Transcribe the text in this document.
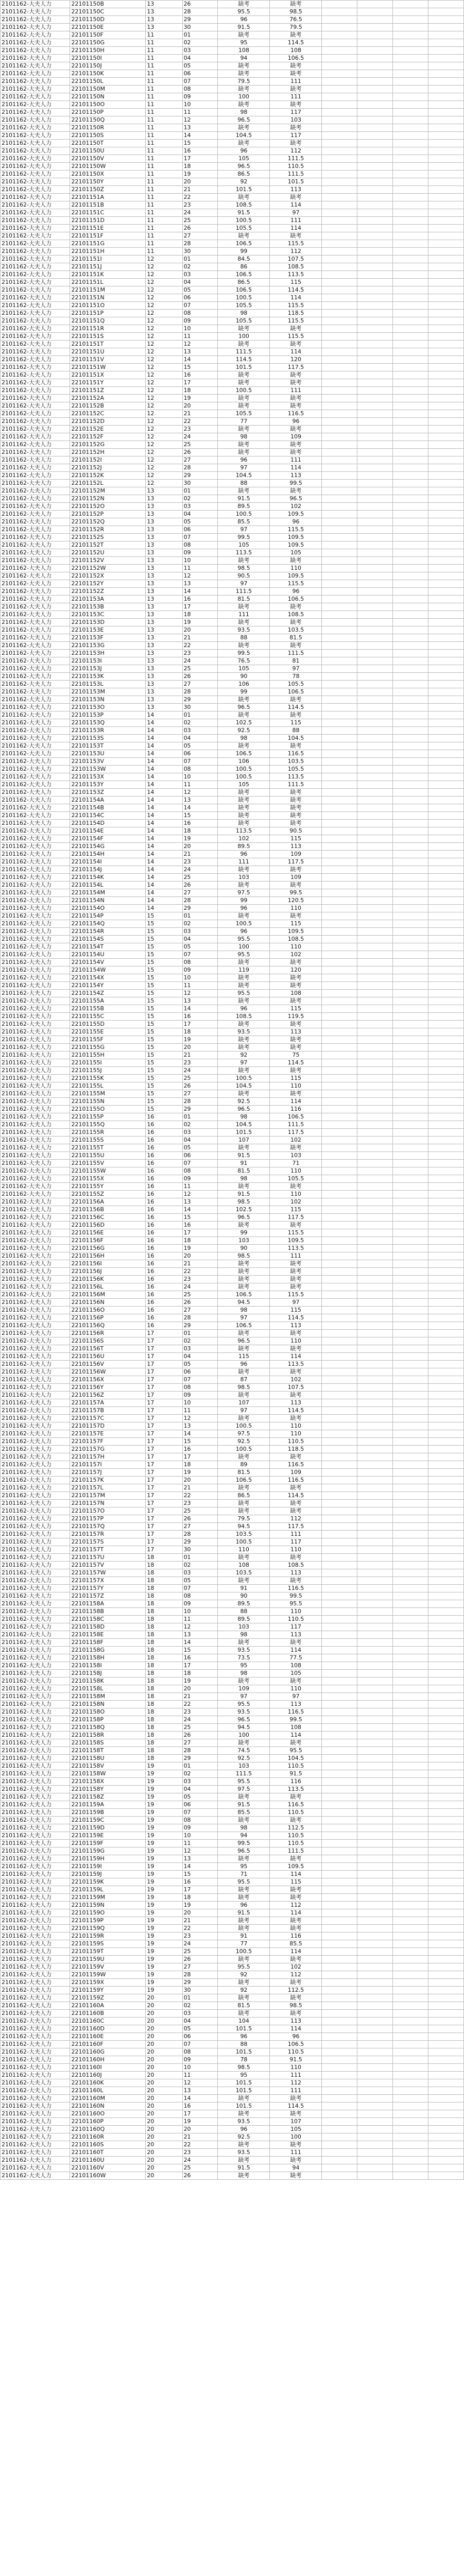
2101162-大夫人力	22101150B	13	26	缺考	缺考				
2101162-大夫人力	22101150C	13	28	95.5	98.5				
2101162-大夫人力	22101150D	13	29	96	76.5				
2101162-大夫人力	22101150E	13	30	91.5	79.5				
2101162-大夫人力	22101150F	11	01	缺考	缺考				
2101162-大夫人力	22101150G	11	02	95	114.5				
2101162-大夫人力	22101150H	11	03	108	108				
2101162-大夫人力	22101150I	11	04	94	106.5				
2101162-大夫人力	22101150J	11	05	缺考	缺考				
2101162-大夫人力	22101150K	11	06	缺考	缺考				
2101162-大夫人力	22101150L	11	07	79.5	111				
2101162-大夫人力	22101150M	11	08	缺考	缺考				
2101162-大夫人力	22101150N	11	09	100	111				
2101162-大夫人力	22101150O	11	10	缺考	缺考				
2101162-大夫人力	22101150P	11	11	98	117				
2101162-大夫人力	22101150Q	11	12	96.5	103				
2101162-大夫人力	22101150R	11	13	缺考	缺考				
2101162-大夫人力	22101150S	11	14	104.5	117				
2101162-大夫人力	22101150T	11	15	缺考	缺考				
2101162-大夫人力	22101150U	11	16	96	112				
2101162-大夫人力	22101150V	11	17	105	111.5				
2101162-大夫人力	22101150W	11	18	96.5	110.5				
2101162-大夫人力	22101150X	11	19	86.5	111.5				
2101162-大夫人力	22101150Y	11	20	92	101.5				
2101162-大夫人力	22101150Z	11	21	101.5	113				
2101162-大夫人力	22101151A	11	22	缺考	缺考				
2101162-大夫人力	22101151B	11	23	108.5	114				
2101162-大夫人力	22101151C	11	24	91.5	97				
2101162-大夫人力	22101151D	11	25	100.5	111				
2101162-大夫人力	22101151E	11	26	105.5	114				
2101162-大夫人力	22101151F	11	27	缺考	缺考				
2101162-大夫人力	22101151G	11	28	106.5	115.5				
2101162-大夫人力	22101151H	11	30	99	112				
2101162-大夫人力	22101151I	12	01	84.5	107.5				
2101162-大夫人力	22101151J	12	02	86	108.5				
2101162-大夫人力	22101151K	12	03	106.5	113.5				
2101162-大夫人力	22101151L	12	04	86.5	115				
2101162-大夫人力	22101151M	12	05	106.5	114.5				
2101162-大夫人力	22101151N	12	06	100.5	114				
2101162-大夫人力	22101151O	12	07	105.5	115.5				
2101162-大夫人力	22101151P	12	08	98	118.5				
2101162-大夫人力	22101151Q	12	09	105.5	115.5				
2101162-大夫人力	22101151R	12	10	缺考	缺考				
2101162-大夫人力	22101151S	12	11	100	115.5				
2101162-大夫人力	22101151T	12	12	缺考	缺考				
2101162-大夫人力	22101151U	12	13	111.5	114				
2101162-大夫人力	22101151V	12	14	114.5	120				
2101162-大夫人力	22101151W	12	15	101.5	117.5				
2101162-大夫人力	22101151X	12	16	缺考	缺考				
2101162-大夫人力	22101151Y	12	17	缺考	缺考				
2101162-大夫人力	22101151Z	12	18	100.5	111				
2101162-大夫人力	22101152A	12	19	缺考	缺考				
2101162-大夫人力	22101152B	12	20	缺考	缺考				
2101162-大夫人力	22101152C	12	21	105.5	116.5				
2101162-大夫人力	22101152D	12	22	77	96				
2101162-大夫人力	22101152E	12	23	缺考	缺考				
2101162-大夫人力	22101152F	12	24	98	109				
2101162-大夫人力	22101152G	12	25	缺考	缺考				
2101162-大夫人力	22101152H	12	26	缺考	缺考				
2101162-大夫人力	22101152I	12	27	96	111				
2101162-大夫人力	22101152J	12	28	97	114				
2101162-大夫人力	22101152K	12	29	104.5	113				
2101162-大夫人力	22101152L	12	30	88	99.5				
2101162-大夫人力	22101152M	13	01	缺考	缺考				
2101162-大夫人力	22101152N	13	02	91.5	96.5				
2101162-大夫人力	22101152O	13	03	89.5	102				
2101162-大夫人力	22101152P	13	04	100.5	109.5				
2101162-大夫人力	22101152Q	13	05	85.5	96				
2101162-大夫人力	22101152R	13	06	97	115.5				
2101162-大夫人力	22101152S	13	07	99.5	109.5				
2101162-大夫人力	22101152T	13	08	105	109.5				
2101162-大夫人力	22101152U	13	09	113.5	105				
2101162-大夫人力	22101152V	13	10	缺考	缺考				
2101162-大夫人力	22101152W	13	11	98.5	110				
2101162-大夫人力	22101152X	13	12	90.5	109.5				
2101162-大夫人力	22101152Y	13	13	97	115.5				
2101162-大夫人力	22101152Z	13	14	111.5	96				
2101162-大夫人力	22101153A	13	16	81.5	106.5				
2101162-大夫人力	22101153B	13	17	缺考	缺考				
2101162-大夫人力	22101153C	13	18	111	108.5				
2101162-大夫人力	22101153D	13	19	缺考	缺考				
2101162-大夫人力	22101153E	13	20	93.5	103.5				
2101162-大夫人力	22101153F	13	21	88	81.5				
2101162-大夫人力	22101153G	13	22	缺考	缺考				
2101162-大夫人力	22101153H	13	23	99.5	111.5				
2101162-大夫人力	22101153I	13	24	76.5	81				
2101162-大夫人力	22101153J	13	25	105	97				
2101162-大夫人力	22101153K	13	26	90	78				
2101162-大夫人力	22101153L	13	27	106	105.5				
2101162-大夫人力	22101153M	13	28	99	106.5				
2101162-大夫人力	22101153N	13	29	缺考	缺考				
2101162-大夫人力	22101153O	13	30	96.5	114.5				
2101162-大夫人力	22101153P	14	01	缺考	缺考				
2101162-大夫人力	22101153Q	14	02	102.5	115				
2101162-大夫人力	22101153R	14	03	92.5	88				
2101162-大夫人力	22101153S	14	04	98	104.5				
2101162-大夫人力	22101153T	14	05	缺考	缺考				
2101162-大夫人力	22101153U	14	06	106.5	116.5				
2101162-大夫人力	22101153V	14	07	106	103.5				
2101162-大夫人力	22101153W	14	08	100.5	105.5				
2101162-大夫人力	22101153X	14	10	100.5	113.5				
2101162-大夫人力	22101153Y	14	11	105	111.5				
2101162-大夫人力	22101153Z	14	12	缺考	缺考				
2101162-大夫人力	22101154A	14	13	缺考	缺考				
2101162-大夫人力	22101154B	14	14	缺考	缺考				
2101162-大夫人力	22101154C	14	15	缺考	缺考				
2101162-大夫人力	22101154D	14	16	缺考	缺考				
2101162-大夫人力	22101154E	14	18	113.5	90.5				
2101162-大夫人力	22101154F	14	19	102	115				
2101162-大夫人力	22101154G	14	20	89.5	113				
2101162-大夫人力	22101154H	14	21	96	109				
2101162-大夫人力	22101154I	14	23	111	117.5				
2101162-大夫人力	22101154J	14	24	缺考	缺考				
2101162-大夫人力	22101154K	14	25	103	109				
2101162-大夫人力	22101154L	14	26	缺考	缺考				
2101162-大夫人力	22101154M	14	27	97.5	99.5				
2101162-大夫人力	22101154N	14	28	99	120.5				
2101162-大夫人力	22101154O	14	29	96	110				
2101162-大夫人力	22101154P	15	01	缺考	缺考				
2101162-大夫人力	22101154Q	15	02	100.5	115				
2101162-大夫人力	22101154R	15	03	96	109.5				
2101162-大夫人力	22101154S	15	04	95.5	108.5				
2101162-大夫人力	22101154T	15	05	100	110				
2101162-大夫人力	22101154U	15	07	95.5	102				
2101162-大夫人力	22101154V	15	08	缺考	缺考				
2101162-大夫人力	22101154W	15	09	119	120				
2101162-大夫人力	22101154X	15	10	缺考	缺考				
2101162-大夫人力	22101154Y	15	11	缺考	缺考				
2101162-大夫人力	22101154Z	15	12	95.5	108				
2101162-大夫人力	22101155A	15	13	缺考	缺考				
2101162-大夫人力	22101155B	15	14	96	115				
2101162-大夫人力	22101155C	15	16	108.5	119.5				
2101162-大夫人力	22101155D	15	17	缺考	缺考				
2101162-大夫人力	22101155E	15	18	93.5	113				
2101162-大夫人力	22101155F	15	19	缺考	缺考				
2101162-大夫人力	22101155G	15	20	缺考	缺考				
2101162-大夫人力	22101155H	15	21	92	75				
2101162-大夫人力	22101155I	15	23	97	114.5				
2101162-大夫人力	22101155J	15	24	缺考	缺考				
2101162-大夫人力	22101155K	15	25	100.5	115				
2101162-大夫人力	22101155L	15	26	104.5	110				
2101162-大夫人力	22101155M	15	27	缺考	缺考				
2101162-大夫人力	22101155N	15	28	92.5	114				
2101162-大夫人力	22101155O	15	29	96.5	116				
2101162-大夫人力	22101155P	16	01	98	106.5				
2101162-大夫人力	22101155Q	16	02	104.5	111.5				
2101162-大夫人力	22101155R	16	03	101.5	117.5				
2101162-大夫人力	22101155S	16	04	107	102				
2101162-大夫人力	22101155T	16	05	缺考	缺考				
2101162-大夫人力	22101155U	16	06	91.5	103				
2101162-大夫人力	22101155V	16	07	91	71				
2101162-大夫人力	22101155W	16	08	81.5	110				
2101162-大夫人力	22101155X	16	09	98	105.5				
2101162-大夫人力	22101155Y	16	11	缺考	缺考				
2101162-大夫人力	22101155Z	16	12	91.5	110				
2101162-大夫人力	22101156A	16	13	98.5	102				
2101162-大夫人力	22101156B	16	14	102.5	115				
2101162-大夫人力	22101156C	16	15	96.5	117.5				
2101162-大夫人力	22101156D	16	16	缺考	缺考				
2101162-大夫人力	22101156E	16	17	99	115.5				
2101162-大夫人力	22101156F	16	18	103	109.5				
2101162-大夫人力	22101156G	16	19	90	113.5				
2101162-大夫人力	22101156H	16	20	98.5	111				
2101162-大夫人力	22101156I	16	21	缺考	缺考				
2101162-大夫人力	22101156J	16	22	缺考	缺考				
2101162-大夫人力	22101156K	16	23	缺考	缺考				
2101162-大夫人力	22101156L	16	24	缺考	缺考				
2101162-大夫人力	22101156M	16	25	106.5	115.5				
2101162-大夫人力	22101156N	16	26	94.5	97				
2101162-大夫人力	22101156O	16	27	98	115				
2101162-大夫人力	22101156P	16	28	97	114.5				
2101162-大夫人力	22101156Q	16	29	106.5	113				
2101162-大夫人力	22101156R	17	01	缺考	缺考				
2101162-大夫人力	22101156S	17	02	96.5	110				
2101162-大夫人力	22101156T	17	03	缺考	缺考				
2101162-大夫人力	22101156U	17	04	115	114				
2101162-大夫人力	22101156V	17	05	96	113.5				
2101162-大夫人力	22101156W	17	06	缺考	缺考				
2101162-大夫人力	22101156X	17	07	87	102				
2101162-大夫人力	22101156Y	17	08	98.5	107.5				
2101162-大夫人力	22101156Z	17	09	缺考	缺考				
2101162-大夫人力	22101157A	17	10	107	113				
2101162-大夫人力	22101157B	17	11	97	114.5				
2101162-大夫人力	22101157C	17	12	缺考	缺考				
2101162-大夫人力	22101157D	17	13	100.5	110				
2101162-大夫人力	22101157E	17	14	97.5	110				
2101162-大夫人力	22101157F	17	15	92.5	110.5				
2101162-大夫人力	22101157G	17	16	100.5	118.5				
2101162-大夫人力	22101157H	17	17	缺考	缺考				
2101162-大夫人力	22101157I	17	18	89	116.5				
2101162-大夫人力	22101157J	17	19	81.5	109				
2101162-大夫人力	22101157K	17	20	106.5	116.5				
2101162-大夫人力	22101157L	17	21	缺考	缺考				
2101162-大夫人力	22101157M	17	22	86.5	114.5				
2101162-大夫人力	22101157N	17	23	缺考	缺考				
2101162-大夫人力	22101157O	17	25	缺考	缺考				
2101162-大夫人力	22101157P	17	26	79.5	112				
2101162-大夫人力	22101157Q	17	27	94.5	117.5				
2101162-大夫人力	22101157R	17	28	103.5	111				
2101162-大夫人力	22101157S	17	29	100.5	117				
2101162-大夫人力	22101157T	17	30	110	110				
2101162-大夫人力	22101157U	18	01	缺考	缺考				
2101162-大夫人力	22101157V	18	02	108	108.5				
2101162-大夫人力	22101157W	18	03	103.5	113				
2101162-大夫人力	22101157X	18	05	缺考	缺考				
2101162-大夫人力	22101157Y	18	07	91	116.5				
2101162-大夫人力	22101157Z	18	08	90	99.5				
2101162-大夫人力	22101158A	18	09	89.5	95.5				
2101162-大夫人力	22101158B	18	10	88	110				
2101162-大夫人力	22101158C	18	11	89.5	110.5				
2101162-大夫人力	22101158D	18	12	103	117				
2101162-大夫人力	22101158E	18	13	98	113				
2101162-大夫人力	22101158F	18	14	缺考	缺考				
2101162-大夫人力	22101158G	18	15	93.5	114				
2101162-大夫人力	22101158H	18	16	73.5	77.5				
2101162-大夫人力	22101158I	18	17	95	108				
2101162-大夫人力	22101158J	18	18	98	105				
2101162-大夫人力	22101158K	18	19	缺考	缺考				
2101162-大夫人力	22101158L	18	20	109	110				
2101162-大夫人力	22101158M	18	21	97	97				
2101162-大夫人力	22101158N	18	22	95.5	113				
2101162-大夫人力	22101158O	18	23	93.5	116.5				
2101162-大夫人力	22101158P	18	24	96.5	99.5				
2101162-大夫人力	22101158Q	18	25	94.5	108				
2101162-大夫人力	22101158R	18	26	100	114				
2101162-大夫人力	22101158S	18	27	缺考	缺考				
2101162-大夫人力	22101158T	18	28	74.5	95.5				
2101162-大夫人力	22101158U	18	29	92.5	104.5				
2101162-大夫人力	22101158V	19	01	103	110.5				
2101162-大夫人力	22101158W	19	02	111.5	91.5				
2101162-大夫人力	22101158X	19	03	95.5	116				
2101162-大夫人力	22101158Y	19	04	97.5	113.5				
2101162-大夫人力	22101158Z	19	05	缺考	缺考				
2101162-大夫人力	22101159A	19	06	91.5	116.5				
2101162-大夫人力	22101159B	19	07	85.5	110.5				
2101162-大夫人力	22101159C	19	08	缺考	缺考				
2101162-大夫人力	22101159D	19	09	98	112.5				
2101162-大夫人力	22101159E	19	10	94	110.5				
2101162-大夫人力	22101159F	19	11	99.5	110.5				
2101162-大夫人力	22101159G	19	12	96.5	111.5				
2101162-大夫人力	22101159H	19	13	缺考	缺考				
2101162-大夫人力	22101159I	19	14	95	109.5				
2101162-大夫人力	22101159J	19	15	71	114				
2101162-大夫人力	22101159K	19	16	95.5	115				
2101162-大夫人力	22101159L	19	17	缺考	缺考				
2101162-大夫人力	22101159M	19	18	缺考	缺考				
2101162-大夫人力	22101159N	19	19	96	112				
2101162-大夫人力	22101159O	19	20	91.5	114				
2101162-大夫人力	22101159P	19	21	缺考	缺考				
2101162-大夫人力	22101159Q	19	22	缺考	缺考				
2101162-大夫人力	22101159R	19	23	91	116				
2101162-大夫人力	22101159S	19	24	77	85.5				
2101162-大夫人力	22101159T	19	25	100.5	114				
2101162-大夫人力	22101159U	19	26	缺考	缺考				
2101162-大夫人力	22101159V	19	27	95.5	102				
2101162-大夫人力	22101159W	19	28	92	112				
2101162-大夫人力	22101159X	19	29	缺考	缺考				
2101162-大夫人力	22101159Y	19	30	92	112.5				
2101162-大夫人力	22101159Z	20	01	缺考	缺考				
2101162-大夫人力	22101160A	20	02	81.5	98.5				
2101162-大夫人力	22101160B	20	03	缺考	缺考				
2101162-大夫人力	22101160C	20	04	104	113				
2101162-大夫人力	22101160D	20	05	101.5	114				
2101162-大夫人力	22101160E	20	06	96	96				
2101162-大夫人力	22101160F	20	07	88	106.5				
2101162-大夫人力	22101160G	20	08	101.5	110.5				
2101162-大夫人力	22101160H	20	09	78	91.5				
2101162-大夫人力	22101160I	20	10	98.5	110				
2101162-大夫人力	22101160J	20	11	95	111				
2101162-大夫人力	22101160K	20	12	101.5	112				
2101162-大夫人力	22101160L	20	13	101.5	111				
2101162-大夫人力	22101160M	20	14	缺考	缺考				
2101162-大夫人力	22101160N	20	16	101.5	114.5				
2101162-大夫人力	22101160O	20	17	缺考	缺考				
2101162-大夫人力	22101160P	20	19	93.5	107				
2101162-大夫人力	22101160Q	20	20	96	105				
2101162-大夫人力	22101160R	20	21	92.5	100				
2101162-大夫人力	22101160S	20	22	缺考	缺考				
2101162-大夫人力	22101160T	20	23	93.5	111				
2101162-大夫人力	22101160U	20	24	缺考	缺考				
2101162-大夫人力	22101160V	20	25	91.5	94				
2101162-大夫人力	22101160W	20	26	缺考	缺考				
